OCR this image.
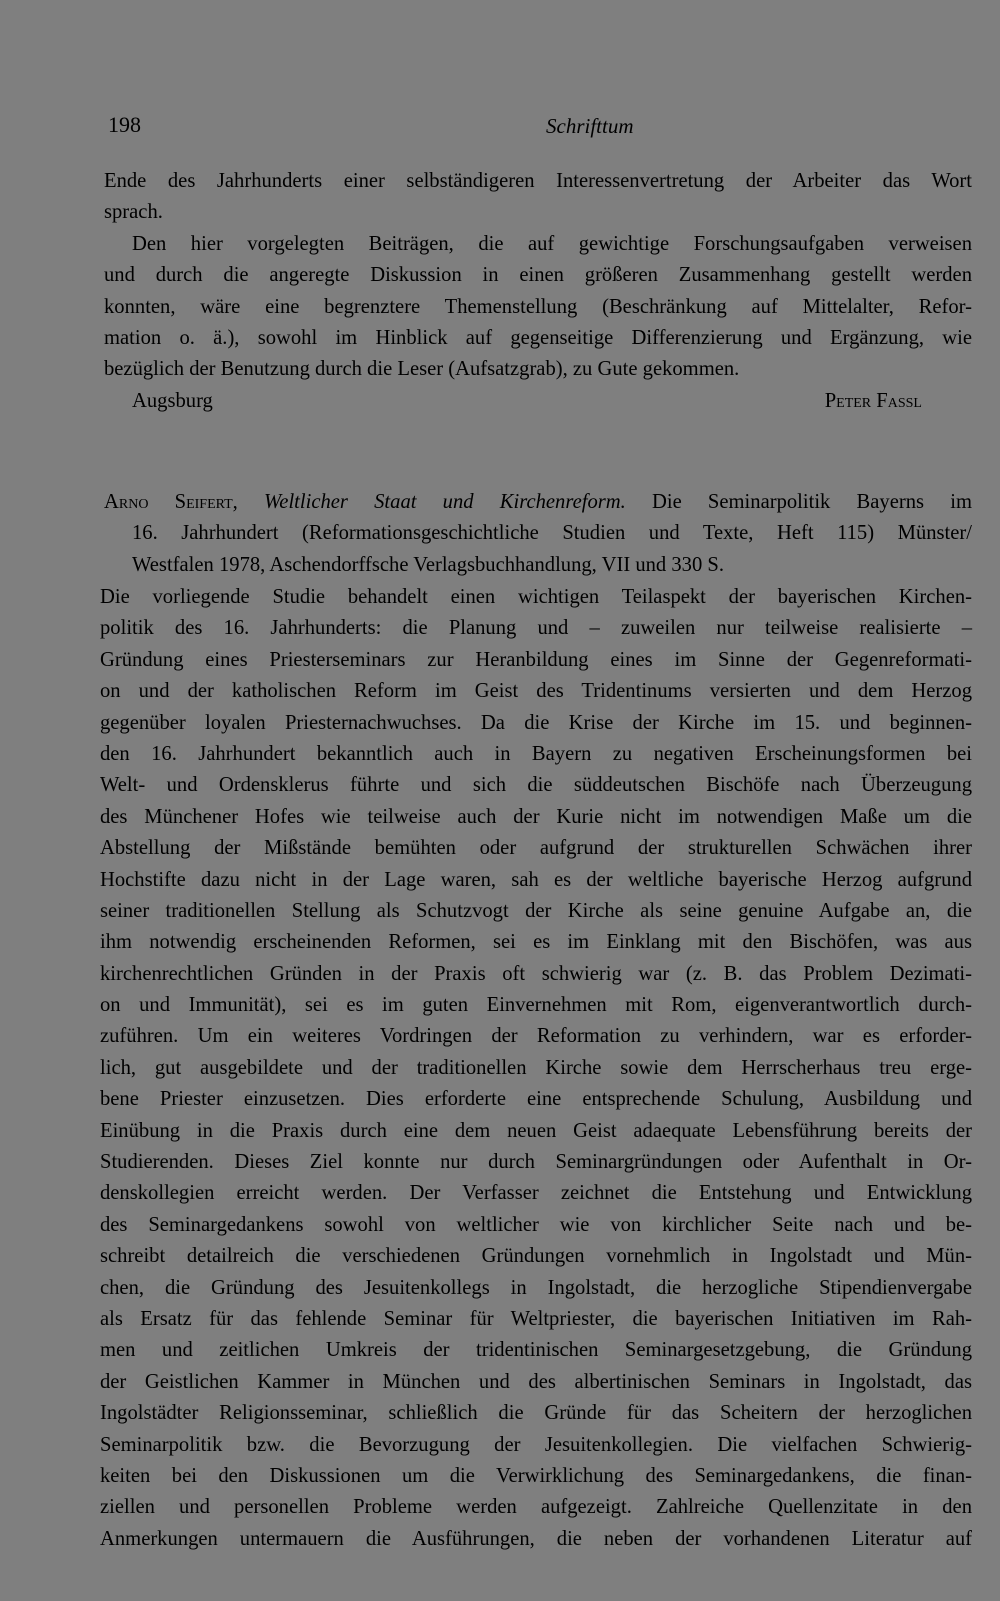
198	Schrifttum
Ende des Jahrhunderts einer selbständigeren Interessenvertretung der Arbeiter das Wort
sprach.
Den hier vorgelegten Beiträgen, die auf gewichtige Forschungsaufgaben verweisen
und durch die angeregte Diskussion in einen größeren Zusammenhang gestellt werden
konnten, wäre eine begrenztere Themenstellung (Beschränkung auf Mittelalter, Refor-
mation o. ä.), sowohl im Hinblick auf gegenseitige Differenzierung und Ergänzung, wie
bezüglich der Benutzung durch die Leser (Aufsatzgrab), zu Gute gekommen.
Augsburg	Peter Fassl
Arno Seifert, Weltlicher Staat und Kirchenreform. Die Seminarpolitik Bayerns im
16. Jahrhundert (Reformationsgeschichtliche Studien und Texte, Heft 115) Münster/
Westfalen 1978, Aschendorffsche Verlagsbuchhandlung, VII und 330 S.
Die vorliegende Studie behandelt einen wichtigen Teilaspekt der bayerischen Kirchen-
politik des 16. Jahrhunderts: die Planung und – zuweilen nur teilweise realisierte –
Gründung eines Priesterseminars zur Heranbildung eines im Sinne der Gegenreformati-
on und der katholischen Reform im Geist des Tridentinums versierten und dem Herzog
gegenüber loyalen Priesternachwuchses. Da die Krise der Kirche im 15. und beginnen-
den 16. Jahrhundert bekanntlich auch in Bayern zu negativen Erscheinungsformen bei
Welt- und Ordensklerus führte und sich die süddeutschen Bischöfe nach Überzeugung
des Münchener Hofes wie teilweise auch der Kurie nicht im notwendigen Maße um die
Abstellung der Mißstände bemühten oder aufgrund der strukturellen Schwächen ihrer
Hochstifte dazu nicht in der Lage waren, sah es der weltliche bayerische Herzog aufgrund
seiner traditionellen Stellung als Schutzvogt der Kirche als seine genuine Aufgabe an, die
ihm notwendig erscheinenden Reformen, sei es im Einklang mit den Bischöfen, was aus
kirchenrechtlichen Gründen in der Praxis oft schwierig war (z. B. das Problem Dezimati-
on und Immunität), sei es im guten Einvernehmen mit Rom, eigenverantwortlich durch-
zuführen. Um ein weiteres Vordringen der Reformation zu verhindern, war es erforder-
lich, gut ausgebildete und der traditionellen Kirche sowie dem Herrscherhaus treu erge-
bene Priester einzusetzen. Dies erforderte eine entsprechende Schulung, Ausbildung und
Einübung in die Praxis durch eine dem neuen Geist adaequate Lebensführung bereits der
Studierenden. Dieses Ziel konnte nur durch Seminargründungen oder Aufenthalt in Or-
denskollegien erreicht werden. Der Verfasser zeichnet die Entstehung und Entwicklung
des Seminargedankens sowohl von weltlicher wie von kirchlicher Seite nach und be-
schreibt detailreich die verschiedenen Gründungen vornehmlich in Ingolstadt und Mün-
chen, die Gründung des Jesuitenkollegs in Ingolstadt, die herzogliche Stipendienvergabe
als Ersatz für das fehlende Seminar für Weltpriester, die bayerischen Initiativen im Rah-
men und zeitlichen Umkreis der tridentinischen Seminargesetzgebung, die Gründung
der Geistlichen Kammer in München und des albertinischen Seminars in Ingolstadt, das
Ingolstädter Religionsseminar, schließlich die Gründe für das Scheitern der herzoglichen
Seminarpolitik bzw. die Bevorzugung der Jesuitenkollegien. Die vielfachen Schwierig-
keiten bei den Diskussionen um die Verwirklichung des Seminargedankens, die finan-
ziellen und personellen Probleme werden aufgezeigt. Zahlreiche Quellenzitate in den
Anmerkungen untermauern die Ausführungen, die neben der vorhandenen Literatur auf
